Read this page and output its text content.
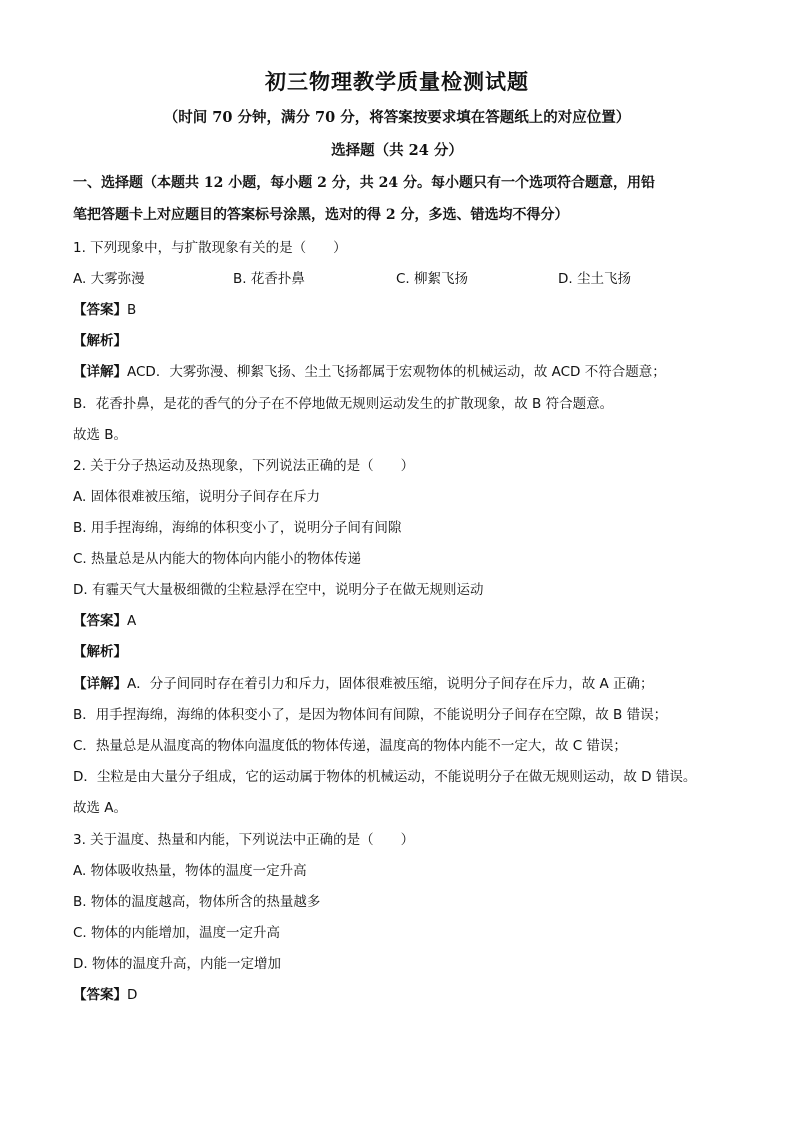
初三物理教学质量检测试题
（时间 70 分钟，满分 70 分，将答案按要求填在答题纸上的对应位置）
选择题（共 24 分）
一、选择题（本题共 12 小题，每小题 2 分，共 24 分。每小题只有一个选项符合题意，用铅
笔把答题卡上对应题目的答案标号涂黑，选对的得 2 分，多选、错选均不得分）
1. 下列现象中，与扩散现象有关的是（　　）
A. 大雾弥漫	B. 花香扑鼻	C. 柳絮飞扬	D. 尘土飞扬
【答案】B
【解析】
【详解】ACD．大雾弥漫、柳絮飞扬、尘土飞扬都属于宏观物体的机械运动，故 ACD 不符合题意；
B．花香扑鼻，是花的香气的分子在不停地做无规则运动发生的扩散现象，故 B 符合题意。
故选 B。
2. 关于分子热运动及热现象，下列说法正确的是（　　）
A. 固体很难被压缩，说明分子间存在斥力
B. 用手捏海绵，海绵的体积变小了，说明分子间有间隙
C. 热量总是从内能大的物体向内能小的物体传递
D. 有霾天气大量极细微的尘粒悬浮在空中，说明分子在做无规则运动
【答案】A
【解析】
【详解】A．分子间同时存在着引力和斥力，固体很难被压缩，说明分子间存在斥力，故 A 正确；
B．用手捏海绵，海绵的体积变小了，是因为物体间有间隙，不能说明分子间存在空隙，故 B 错误；
C．热量总是从温度高的物体向温度低的物体传递，温度高的物体内能不一定大，故 C 错误；
D．尘粒是由大量分子组成，它的运动属于物体的机械运动，不能说明分子在做无规则运动，故 D 错误。
故选 A。
3. 关于温度、热量和内能，下列说法中正确的是（　　）
A. 物体吸收热量，物体的温度一定升高
B. 物体的温度越高，物体所含的热量越多
C. 物体的内能增加，温度一定升高
D. 物体的温度升高，内能一定增加
【答案】D
